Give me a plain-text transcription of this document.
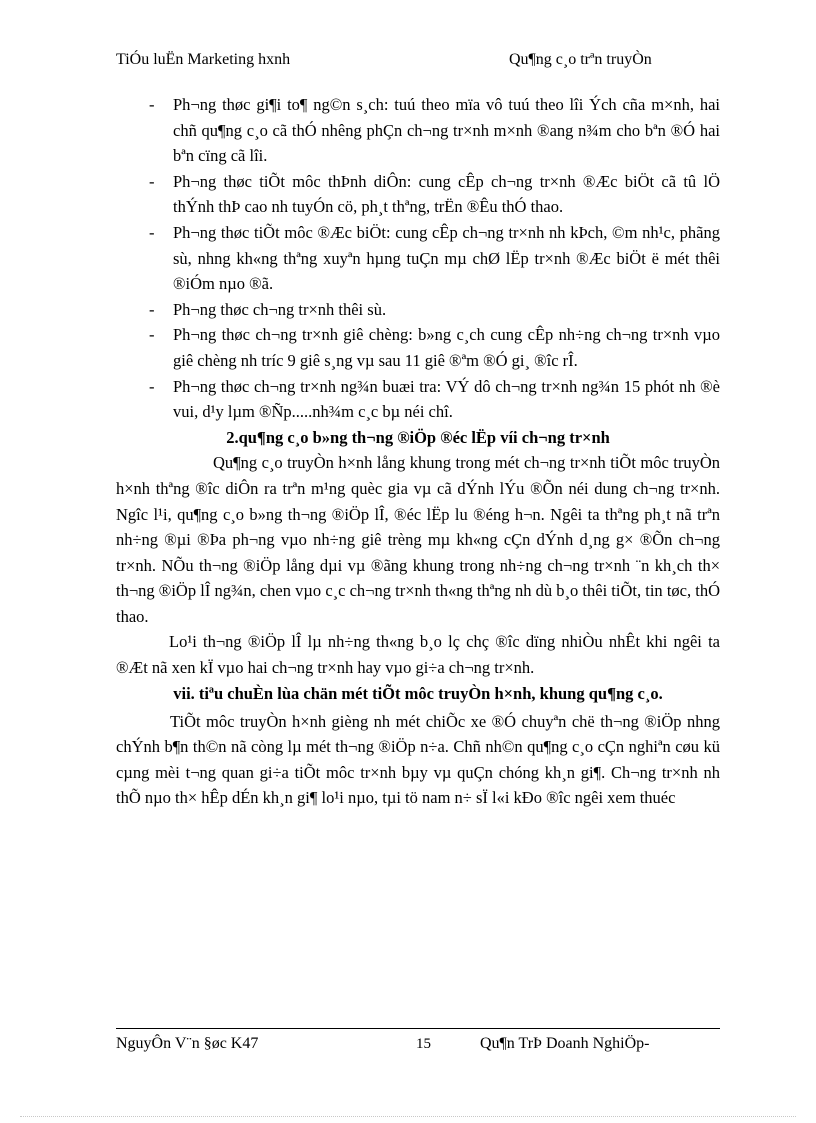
TiÓu luËn Marketing hxnh	Qu¶ng c¸o trªn truyÒn
- Ph¬ng thøc gi¶i to¶ ng©n s¸ch: tuú theo mïa vô tuú theo lîi Ých cña m×nh, hai chñ qu¶ng c¸o cã thÓ nhêng phÇn ch¬ng tr×nh m×nh ®ang n¾m cho bªn ®Ó hai bªn cïng cã lîi.
- Ph¬ng thøc tiÕt môc thÞnh diÔn: cung cÊp ch¬ng tr×nh ®Æc biÖt cã tû lÖ thÝnh thÞ cao nh tuyÓn cö, ph¸t thªng, trËn ®Êu thÓ thao.
- Ph¬ng thøc tiÕt môc ®Æc biÖt: cung cÊp ch¬ng tr×nh nh kÞch, ©m nh¹c, phãng sù, nhng kh«ng thªng xuyªn hµng tuÇn mµ chØ lËp tr×nh ®Æc biÖt ë mét thêi ®iÓm nµo ®ã.
- Ph¬ng thøc ch¬ng tr×nh thêi sù.
- Ph¬ng thøc ch¬ng tr×nh giê chèng: b»ng c¸ch cung cÊp nh÷ng ch¬ng tr×nh vµo giê chèng nh tríc 9 giê s¸ng vµ sau 11 giê ®ªm ®Ó gi¸ ®îc rÎ.
- Ph¬ng thøc ch¬ng tr×nh ng¾n buæi tra: VÝ dô ch¬ng tr×nh ng¾n 15 phót nh ®è vui, d¹y lµm ®Ñp.....nh¾m c¸c bµ néi chî.
2.qu¶ng c¸o b»ng th¬ng ®iÖp ®éc lËp víi ch¬ng tr×nh

Qu¶ng c¸o truyÒn h×nh lång khung trong mét ch¬ng tr×nh tiÕt môc truyÒn h×nh thªng ®îc diÔn ra trªn m¹ng quèc gia vµ cã dÝnh lÝu ®Õn néi dung ch¬ng tr×nh. Ngîc l¹i, qu¶ng c¸o b»ng th¬ng ®iÖp lÎ, ®éc lËp lu ®éng h¬n. Ngêi ta thªng ph¸t nã trªn nh÷ng ®µi ®Þa ph¬ng vµo nh÷ng giê trèng mµ kh«ng cÇn dÝnh d¸ng g× ®Õn ch¬ng tr×nh. NÕu th¬ng ®iÖp lång dµi vµ ®ãng khung trong nh÷ng ch¬ng tr×nh ¨n kh¸ch th× th¬ng ®iÖp lÎ ng¾n, chen vµo c¸c ch¬ng tr×nh th«ng thªng nh dù b¸o thêi tiÕt, tin tøc, thÓ thao.

Lo¹i th¬ng ®iÖp lÎ lµ nh÷ng th«ng b¸o lç chç ®îc dïng nhiÒu nhÊt khi ngêi ta ®Æt nã xen kÏ vµo hai ch¬ng tr×nh hay vµo gi÷a ch¬ng tr×nh.

vii. tiªu chuÈn lùa chän mét tiÕt môc truyÒn h×nh, khung qu¶ng c¸o.

TiÕt môc truyÒn h×nh gièng nh mét chiÕc xe ®Ó chuyªn chë th¬ng ®iÖp nhng chÝnh b¶n th©n nã còng lµ mét th¬ng ®iÖp n÷a. Chñ nh©n qu¶ng c¸o cÇn nghiªn cøu kü cµng mèi t¬ng quan gi÷a tiÕt môc tr×nh bµy vµ quÇn chóng kh¸n gi¶. Ch¬ng tr×nh nh thÕ nµo th× hÊp dÉn kh¸n gi¶ lo¹i nµo, tµi tö nam n÷ sÏ l«i kÐo ®îc ngêi xem thuéc

NguyÔn V¨n §øc K47	15	Qu¶n TrÞ Doanh NghiÖp-
